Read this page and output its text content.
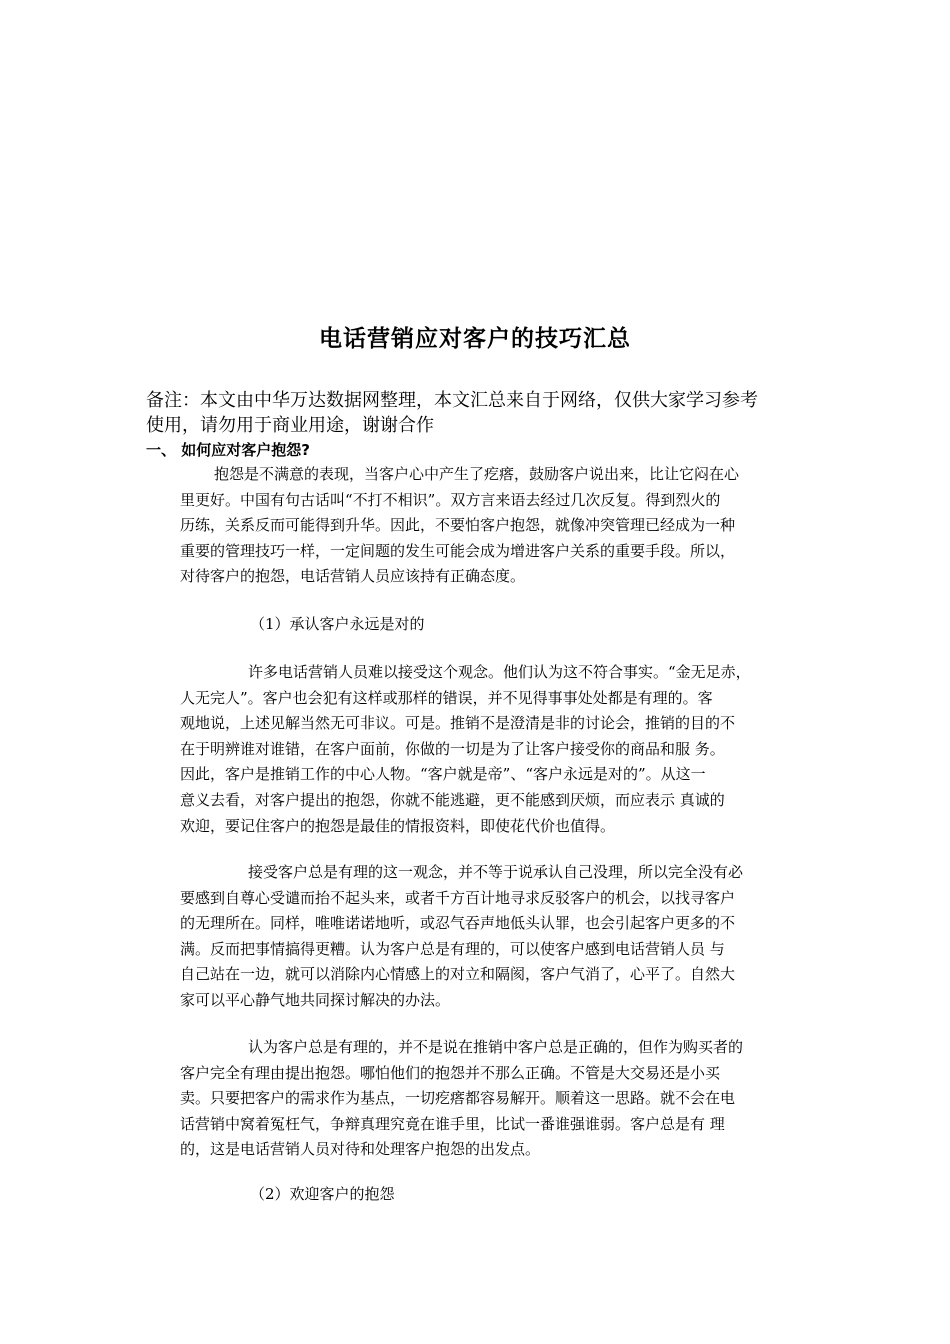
电话营销应对客户的技巧汇总

备注：本文由中华万达数据网整理，本文汇总来自于网络，仅供大家学习参考

使用，请勿用于商业用途，谢谢合作

一、 如何应对客户抱怨?

抱怨是不满意的表现，当客户心中产生了疙瘩，鼓励客户说出来，比让它闷在心

里更好。中国有句古话叫“不打不相识”。双方言来语去经过几次反复。得到烈火的

历练，关系反而可能得到升华。因此，不要怕客户抱怨，就像冲突管理已经成为一种

重要的管理技巧一样，一定间题的发生可能会成为增进客户关系的重要手段。所以，

对待客户的抱怨，电话营销人员应该持有正确态度。

（1）承认客户永远是对的

许多电话营销人员难以接受这个观念。他们认为这不符合事实。“金无足赤，

人无完人”。客户也会犯有这样或那样的错误，并不见得事事处处都是有理的。客

观地说，上述见解当然无可非议。可是。推销不是澄清是非的讨论会，推销的目的不

在于明辨谁对谁错，在客户面前，你做的一切是为了让客户接受你的商品和服 务。

因此，客户是推销工作的中心人物。“客户就是帝”、“客户永远是对的”。从这一

意义去看，对客户提出的抱怨，你就不能逃避，更不能感到厌烦，而应表示 真诚的

欢迎，要记住客户的抱怨是最佳的情报资料，即使花代价也值得。

接受客户总是有理的这一观念，并不等于说承认自己没理，所以完全没有必

要感到自尊心受谴而抬不起头来，或者千方百计地寻求反驳客户的机会，以找寻客户

的无理所在。同样，唯唯诺诺地听，或忍气吞声地低头认罪，也会引起客户更多的不

满。反而把事情搞得更糟。认为客户总是有理的，可以使客户感到电话营销人员 与

自己站在一边，就可以消除内心情感上的对立和隔阂，客户气消了，心平了。自然大

家可以平心静气地共同探讨解决的办法。

认为客户总是有理的，并不是说在推销中客户总是正确的，但作为购买者的

客户完全有理由提出抱怨。哪怕他们的抱怨并不那么正确。不管是大交易还是小买

卖。只要把客户的需求作为基点，一切疙瘩都容易解开。顺着这一思路。就不会在电

话营销中窝着冤枉气，争辩真理究竟在谁手里，比试一番谁强谁弱。客户总是有 理

的，这是电话营销人员对待和处理客户抱怨的出发点。

（2）欢迎客户的抱怨
